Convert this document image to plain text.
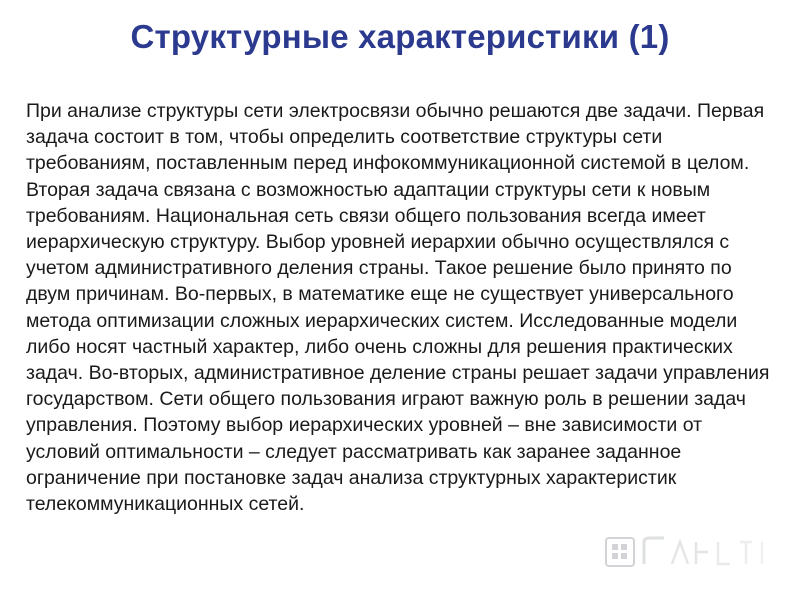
Структурные характеристики (1)

При анализе структуры сети электросвязи обычно решаются две задачи. Первая задача состоит в том, чтобы определить соответствие структуры сети требованиям, поставленным перед инфокоммуникационной системой в целом. Вторая задача связана с возможностью адаптации структуры сети к новым требованиям. Национальная сеть связи общего пользования всегда имеет иерархическую структуру. Выбор уровней иерархии обычно осуществлялся с учетом административного деления страны. Такое решение было принято по двум причинам. Во-первых, в математике еще не существует универсального метода оптимизации сложных иерархических систем. Исследованные модели либо носят частный характер, либо очень сложны для решения практических задач. Во-вторых, административное деление страны решает задачи управления государством. Сети общего пользования играют важную роль в решении задач управления. Поэтому выбор иерархических уровней – вне зависимости от условий оптимальности – следует рассматривать как заранее заданное ограничение при постановке задач анализа структурных характеристик телекоммуникационных сетей.
